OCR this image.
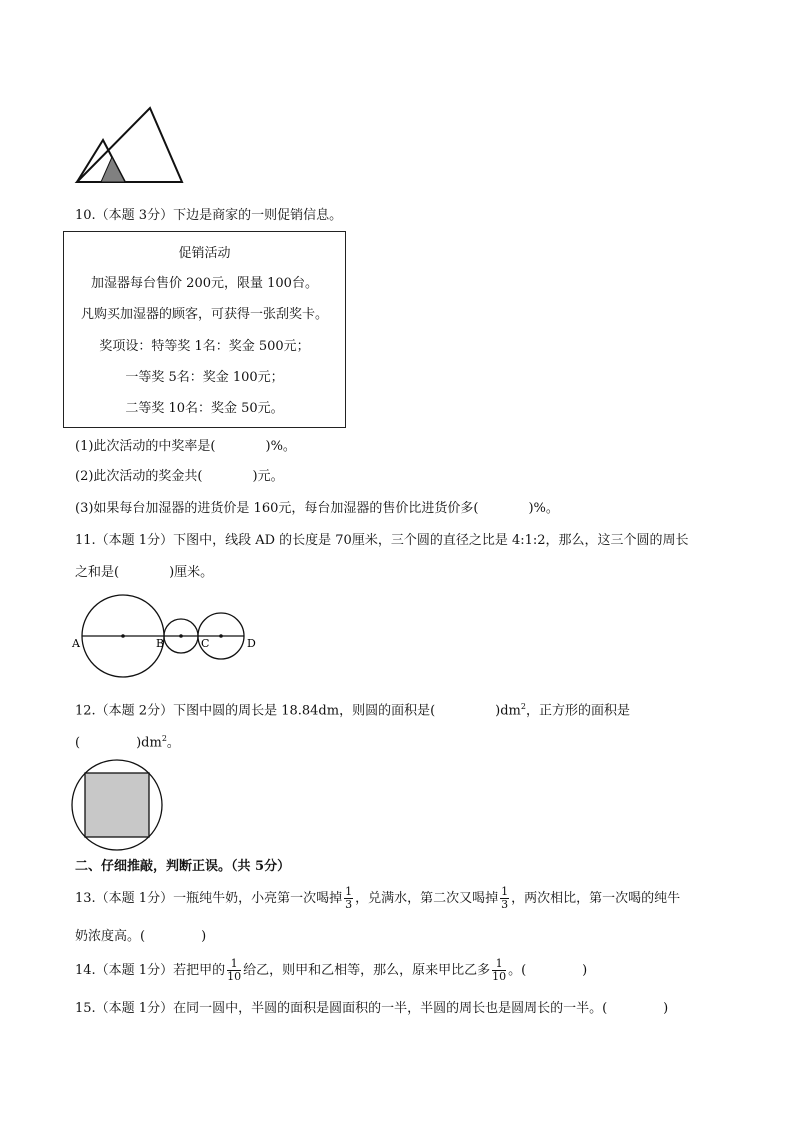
10.（本题 3分）下边是商家的一则促销信息。
促销活动
加湿器每台售价 200元，限量 100台。
凡购买加湿器的顾客，可获得一张刮奖卡。
奖项设：特等奖 1名：奖金 500元；
一等奖 5名：奖金 100元；
二等奖 10名：奖金 50元。
(1)此次活动的中奖率是(	)%。
(2)此次活动的奖金共(	)元。
(3)如果每台加湿器的进货价是 160元，每台加湿器的售价比进货价多(	)%。
11.（本题 1分）下图中，线段 AD 的长度是 70厘米，三个圆的直径之比是 4:1:2，那么，这三个圆的周长
之和是(	)厘米。
A	B	C	D
12.（本题 2分）下图中圆的周长是 18.84dm，则圆的面积是(	)$dm^2$，正方形的面积是
(	)$dm^2$。
二、仔细推敲，判断正误。（共 5分）
13.（本题 1分）一瓶纯牛奶，小亮第一次喝掉 $\frac{1}{3}$ ，兑满水，第二次又喝掉 $\frac{1}{3}$ ，两次相比，第一次喝的纯牛
奶浓度高。(	)
14.（本题 1分）若把甲的 $\frac{1}{10}$ 给乙，则甲和乙相等，那么，原来甲比乙多 $\frac{1}{10}$ 。(	)
15.（本题 1分）在同一圆中，半圆的面积是圆面积的一半，半圆的周长也是圆周长的一半。(	)
